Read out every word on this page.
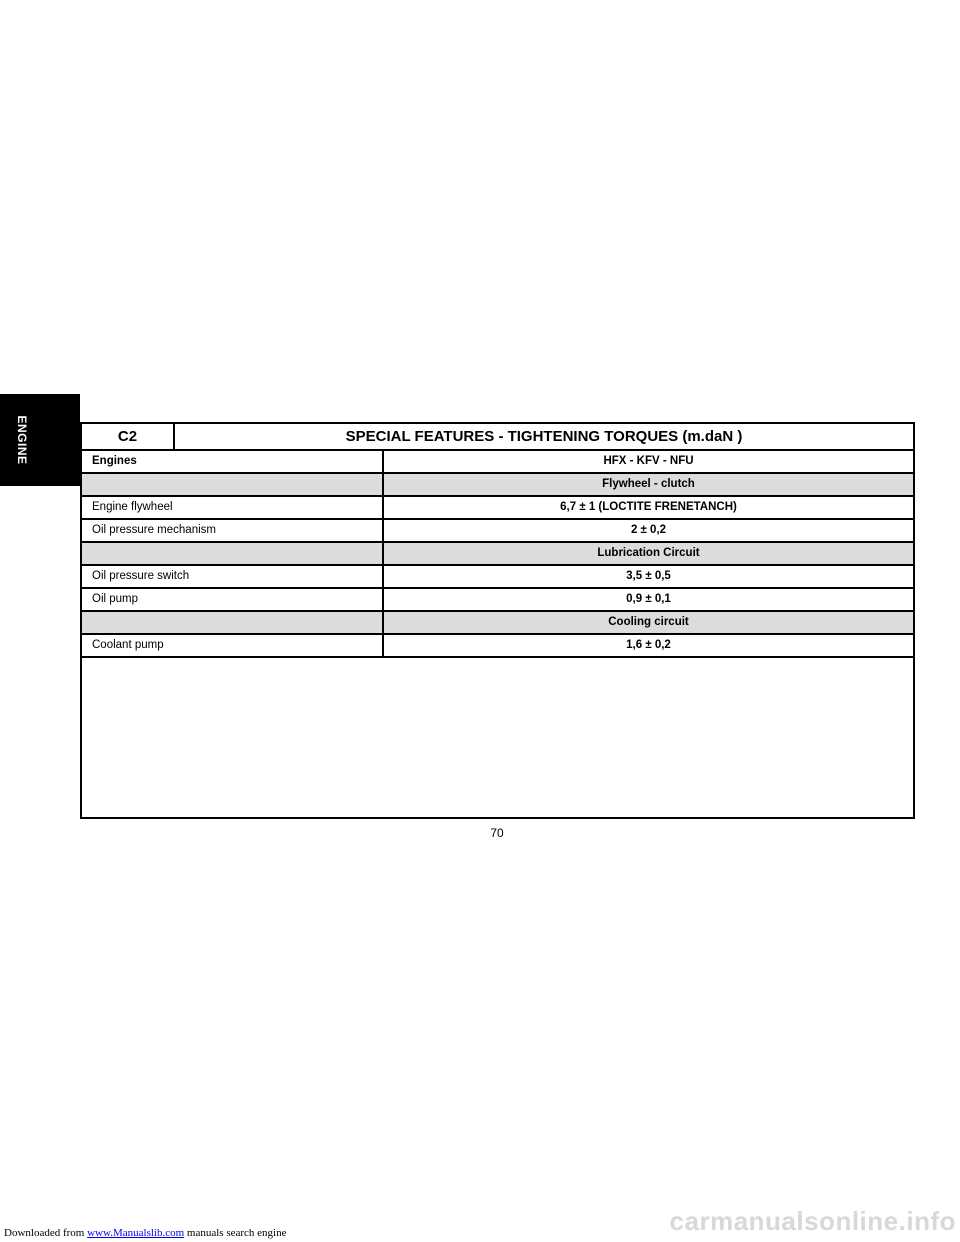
ENGINE	C2	SPECIAL FEATURES - TIGHTENING TORQUES (m.daN )
Engines	HFX - KFV - NFU
Flywheel - clutch
Engine flywheel	6,7 ± 1 (LOCTITE FRENETANCH)
Oil pressure mechanism	2 ± 0,2
Lubrication Circuit
Oil pressure switch	3,5 ± 0,5
Oil pump	0,9 ± 0,1
Cooling circuit
Coolant pump	1,6 ± 0,2
70
Downloaded from www.Manualslib.com manuals search engine	carmanualsonline.info
